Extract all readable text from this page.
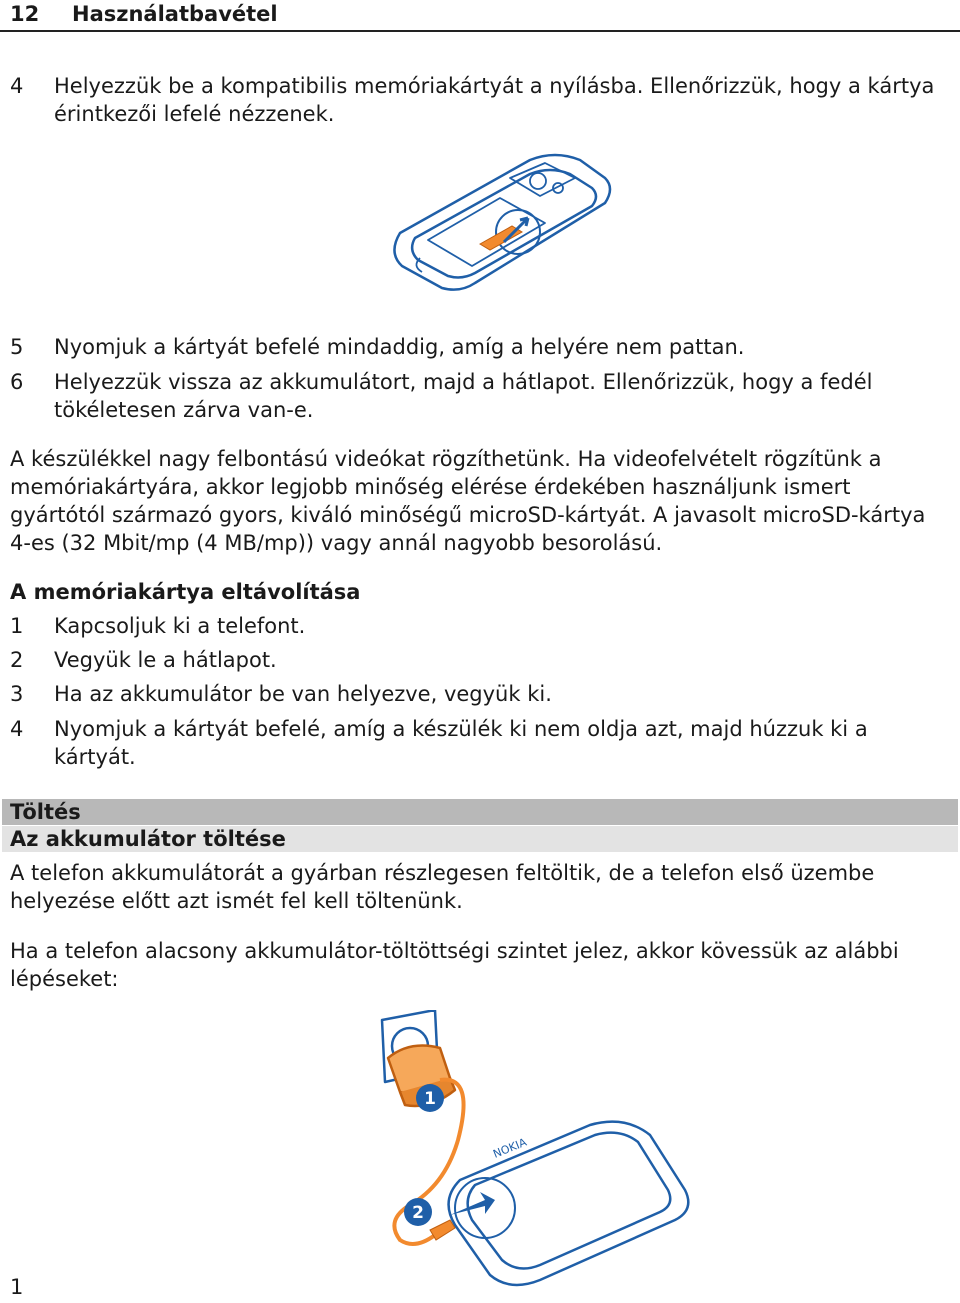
12 Használatbavétel
4 Helyezzük be a kompatibilis memóriakártyát a nyílásba. Ellenőrizzük, hogy a kártya érintkezői lefelé nézzenek.
5 Nyomjuk a kártyát befelé mindaddig, amíg a helyére nem pattan.
6 Helyezzük vissza az akkumulátort, majd a hátlapot. Ellenőrizzük, hogy a fedél tökéletesen zárva van-e.
A készülékkel nagy felbontású videókat rögzíthetünk. Ha videofelvételt rögzítünk a memóriakártyára, akkor legjobb minőség elérése érdekében használjunk ismert gyártótól származó gyors, kiváló minőségű microSD-kártyát. A javasolt microSD-kártya 4-es (32 Mbit/mp (4 MB/mp)) vagy annál nagyobb besorolású.
A memóriakártya eltávolítása
1 Kapcsoljuk ki a telefont.
2 Vegyük le a hátlapot.
3 Ha az akkumulátor be van helyezve, vegyük ki.
4 Nyomjuk a kártyát befelé, amíg a készülék ki nem oldja azt, majd húzzuk ki a kártyát.
Töltés
Az akkumulátor töltése
A telefon akkumulátorát a gyárban részlegesen feltöltik, de a telefon első üzembe helyezése előtt azt ismét fel kell töltenünk.
Ha a telefon alacsony akkumulátor-töltöttségi szintet jelez, akkor kövessük az alábbi lépéseket:
NOKIA
1
2
1
